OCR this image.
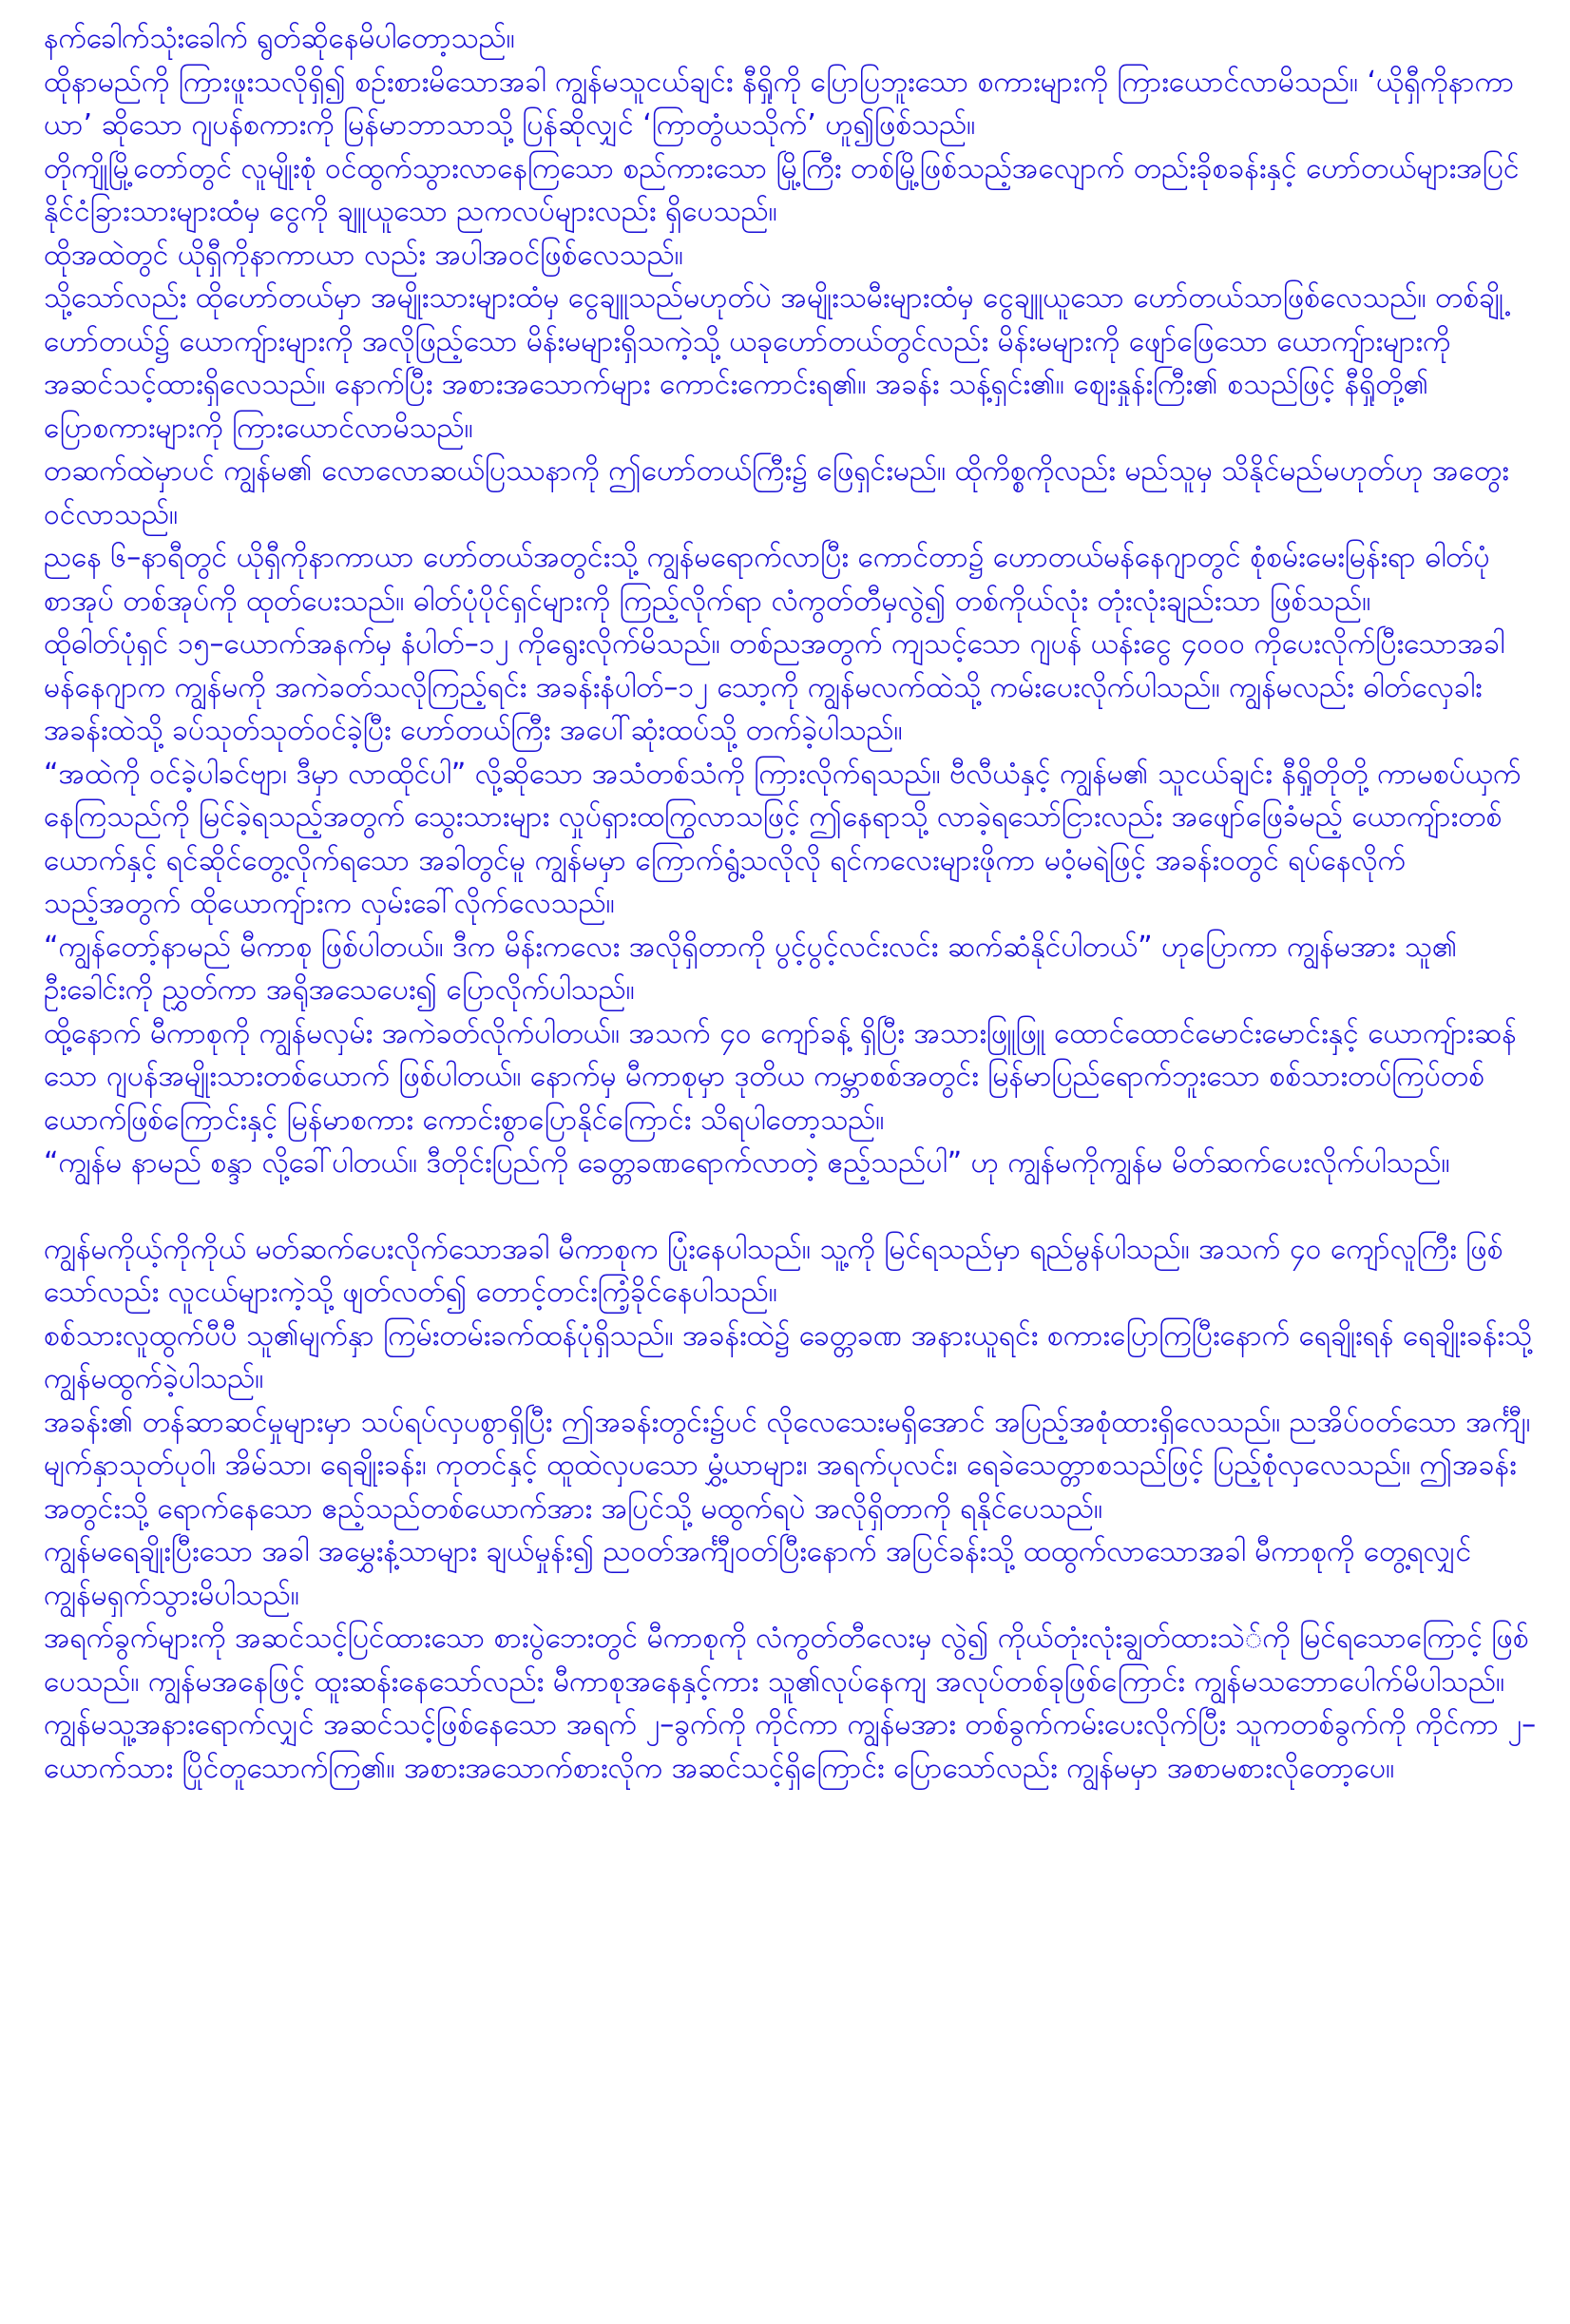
နက်ခေါက်သုံးခေါက် ရွတ်ဆိုနေမိပါတော့သည်။

ထိုနာမည်ကို ကြားဖူးသလိုရှိ၍ စဉ်းစားမိသောအခါ ကျွန်မသူငယ်ချင်း နီရှိုကို ပြောပြဘူးသော စကားများကို ကြားယောင်လာမိသည်။ ‘ယိုရှီကိုနာကာယာ’ ဆိုသော ဂျပန်စကားကို မြန်မာဘာသာသို့ ပြန်ဆိုလျှင် ‘ကြာတွံယသိုက်’ ဟူ၍ဖြစ်သည်။

တိုကျိုမြို့တော်တွင် လူမျိုးစုံ ဝင်ထွက်သွားလာနေကြသော စည်ကားသော မြို့ကြီး တစ်မြို့ဖြစ်သည့်အလျောက် တည်းခိုစခန်းနှင့် ဟော်တယ်များအပြင် နိုင်ငံခြားသားများထံမှ ငွေကို ချူယူသော ညကလပ်များလည်း ရှိပေသည်။

ထိုအထဲတွင် ယိုရှီကိုနာကာယာ လည်း အပါအဝင်ဖြစ်လေသည်။

သို့သော်လည်း ထိုဟော်တယ်မှာ အမျိုးသားများထံမှ ငွေချူသည်မဟုတ်ပဲ အမျိုးသမီးများထံမှ ငွေချူယူသော ဟော်တယ်သာဖြစ်လေသည်။ တစ်ချို့ ဟော်တယ်၌ ယောကျ်ားများကို အလိုဖြည့်သော မိန်းမများရှိသကဲ့သို့ ယခုဟော်တယ်တွင်လည်း မိန်းမများကို ဖျော်ဖြေသော ယောကျ်ားများကို အဆင်သင့်ထားရှိလေသည်။ နောက်ပြီး အစားအသောက်များ ကောင်းကောင်းရ၏။ အခန်း သန့်ရှင်း၏။ ဈေးနှုန်းကြီး၏ စသည်ဖြင့် နီရှိုတို့၏ ပြောစကားများကို ကြားယောင်လာမိသည်။

တဆက်ထဲမှာပင် ကျွန်မ၏ လောလောဆယ်ပြဿနာကို ဤဟော်တယ်ကြီး၌ ဖြေရှင်းမည်။ ထိုကိစ္စကိုလည်း မည်သူမှ သိနိုင်မည်မဟုတ်ဟု အတွေးဝင်လာသည်။

ညနေ ၆–နာရီတွင် ယိုရှီကိုနာကာယာ ဟော်တယ်အတွင်းသို့ ကျွန်မရောက်လာပြီး ကောင်တာ၌ ဟောတယ်မန်နေဂျာတွင် စုံစမ်းမေးမြန်းရာ ဓါတ်ပုံစာအုပ် တစ်အုပ်ကို ထုတ်ပေးသည်။ ဓါတ်ပုံပိုင်ရှင်များကို ကြည့်လိုက်ရာ လံကွတ်တီမှလွဲ၍ တစ်ကိုယ်လုံး တုံးလုံးချည်းသာ ဖြစ်သည်။

ထိုဓါတ်ပုံရှင် ၁၅–ယောက်အနက်မှ နံပါတ်–၁၂ ကိုရွေးလိုက်မိသည်။ တစ်ညအတွက် ကျသင့်သော ဂျပန် ယန်းငွေ ၄၀၀၀ ကိုပေးလိုက်ပြီးသောအခါ မန်နေဂျာက ကျွန်မကို အကဲခတ်သလိုကြည့်ရင်း အခန်းနံပါတ်–၁၂ သော့ကို ကျွန်မလက်ထဲသို့ ကမ်းပေးလိုက်ပါသည်။ ကျွန်မလည်း ဓါတ်လှေခါးအခန်းထဲသို့ ခပ်သုတ်သုတ်ဝင်ခဲ့ပြီး ဟော်တယ်ကြီး အပေါ်ဆုံးထပ်သို့ တက်ခဲ့ပါသည်။

“အထဲကို ဝင်ခဲ့ပါခင်ဗျာ၊ ဒီမှာ လာထိုင်ပါ” လို့ဆိုသော အသံတစ်သံကို ကြားလိုက်ရသည်။ ဗီလီယံနှင့် ကျွန်မ၏ သူငယ်ချင်း နီရှိုတိုတို့ ကာမစပ်ယှက်နေကြသည်ကို မြင်ခဲ့ရသည့်အတွက် သွေးသားများ လှုပ်ရှားထကြွလာသဖြင့် ဤနေရာသို့ လာခဲ့ရသော်ငြားလည်း အဖျော်ဖြေခံမည့် ယောကျ်ားတစ်ယောက်နှင့် ရင်ဆိုင်တွေ့လိုက်ရသော အခါတွင်မူ ကျွန်မမှာ ကြောက်ရွံ့သလိုလို ရင်ကလေးများဖိုကာ မဝံ့မရဲဖြင့် အခန်းဝတွင် ရပ်နေလိုက်သည့်အတွက် ထိုယောကျ်ားက လှမ်းခေါ်လိုက်လေသည်။

“ကျွန်တော့်နာမည် မီကာစု ဖြစ်ပါတယ်။ ဒီက မိန်းကလေး အလိုရှိတာကို ပွင့်ပွင့်လင်းလင်း ဆက်ဆံနိုင်ပါတယ်” ဟုပြောကာ ကျွန်မအား သူ၏ ဦးခေါင်းကို ညွှတ်ကာ အရိုအသေပေး၍ ပြောလိုက်ပါသည်။

ထို့နောက် မီကာစုကို ကျွန်မလှမ်း အကဲခတ်လိုက်ပါတယ်။ အသက် ၄၀ ကျော်ခန့် ရှိပြီး အသားဖြူဖြူ ထောင်ထောင်မောင်းမောင်းနှင့် ယောကျ်ားဆန်သော ဂျပန်အမျိုးသားတစ်ယောက် ဖြစ်ပါတယ်။ နောက်မှ မီကာစုမှာ ဒုတိယ ကမ္ဘာစစ်အတွင်း မြန်မာပြည်ရောက်ဘူးသော စစ်သားတပ်ကြပ်တစ်ယောက်ဖြစ်ကြောင်းနှင့် မြန်မာစကား ကောင်းစွာပြောနိုင်ကြောင်း သိရပါတော့သည်။

“ကျွန်မ နာမည် စန္ဒာ လို့ခေါ်ပါတယ်။ ဒီတိုင်းပြည်ကို ခေတ္တခဏရောက်လာတဲ့ ဧည့်သည်ပါ” ဟု ကျွန်မကိုကျွန်မ မိတ်ဆက်ပေးလိုက်ပါသည်။

ကျွန်မကိုယ့်ကိုကိုယ် မတ်ဆက်ပေးလိုက်သောအခါ မီကာစုက ပြုံးနေပါသည်။ သူ့ကို မြင်ရသည်မှာ ရည်မွန်ပါသည်။ အသက် ၄၀ ကျော်လူကြီး ဖြစ်သော်လည်း လူငယ်များကဲ့သို့ ဖျတ်လတ်၍ တောင့်တင်းကြံ့ခိုင်နေပါသည်။

စစ်သားလူထွက်ပီပီ သူ၏မျက်နှာ ကြမ်းတမ်းခက်ထန်ပုံရှိသည်။ အခန်းထဲ၌ ခေတ္တခဏ အနားယူရင်း စကားပြောကြပြီးနောက် ရေချိုးရန် ရေချိုးခန်းသို့ ကျွန်မထွက်ခဲ့ပါသည်။

အခန်း၏ တန်ဆာဆင်မှုများမှာ သပ်ရပ်လှပစွာရှိပြီး ဤအခန်းတွင်း၌ပင် လိုလေသေးမရှိအောင် အပြည့်အစုံထားရှိလေသည်။ ညအိပ်ဝတ်သော အင်္ကျီ၊ မျက်နှာသုတ်ပုဝါ၊ အိမ်သာ၊ ရေချိုးခန်း၊ ကုတင်နှင့် ထူထဲလှပသော မွှံ့ယာများ၊ အရက်ပုလင်း၊ ရေခဲသေတ္တာစသည်ဖြင့် ပြည့်စုံလှလေသည်။ ဤအခန်းအတွင်းသို့ ရောက်နေသော ဧည့်သည်တစ်ယောက်အား အပြင်သို့ မထွက်ရပဲ အလိုရှိတာကို ရနိုင်ပေသည်။

ကျွန်မရေချိုးပြီးသော အခါ အမွှေးနံ့သာများ ချယ်မှုန်း၍ ညဝတ်အင်္ကျီဝတ်ပြီးနောက် အပြင်ခန်းသို့ ထထွက်လာသောအခါ မီကာစုကို တွေ့ရလျှင် ကျွန်မရှက်သွားမိပါသည်။

အရက်ခွက်များကို အဆင်သင့်ပြင်ထားသော စားပွဲဘေးတွင် မီကာစုကို လံကွတ်တီလေးမှ လွဲ၍ ကိုယ်တုံးလုံးချွတ်ထားသဲ်ကို မြင်ရသောကြောင့် ဖြစ်ပေသည်။ ကျွန်မအနေဖြင့် ထူးဆန်းနေသော်လည်း မီကာစုအနေနှင့်ကား သူ၏လုပ်နေကျ အလုပ်တစ်ခုဖြစ်ကြောင်း ကျွန်မသဘောပေါက်မိပါသည်။

ကျွန်မသူ့အနားရောက်လျှင် အဆင်သင့်ဖြစ်နေသော အရက် ၂–ခွက်ကို ကိုင်ကာ ကျွန်မအား တစ်ခွက်ကမ်းပေးလိုက်ပြီး သူကတစ်ခွက်ကို ကိုင်ကာ ၂–ယောက်သား ပြိုင်တူသောက်ကြ၏။ အစားအသောက်စားလိုက အဆင်သင့်ရှိကြောင်း ပြောသော်လည်း ကျွန်မမှာ အစာမစားလိုတော့ပေ။
